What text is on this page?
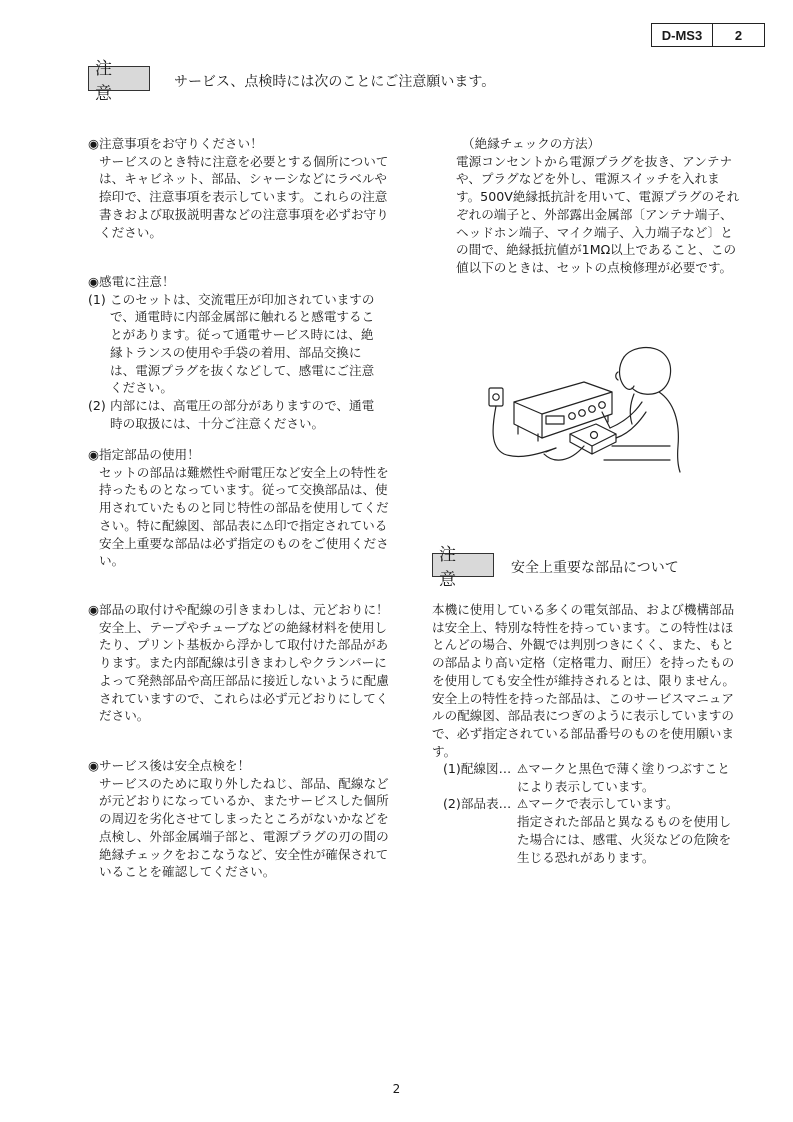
D-MS3	2
注 意
サービス、点検時には次のことにご注意願います。
◉注意事項をお守りください！

サービスのとき特に注意を必要とする個所について

は、キャビネット、部品、シャーシなどにラベルや

捺印で、注意事項を表示しています。これらの注意

書きおよび取扱説明書などの注意事項を必ずお守り

ください。

◉感電に注意！
(1) このセットは、交流電圧が印加されていますの

で、通電時に内部金属部に触れると感電するこ

とがあります。従って通電サービス時には、絶

縁トランスの使用や手袋の着用、部品交換に

は、電源プラグを抜くなどして、感電にご注意

ください。

(2) 内部には、高電圧の部分がありますので、通電

時の取扱には、十分ご注意ください。

◉指定部品の使用！

セットの部品は難燃性や耐電圧など安全上の特性を

持ったものとなっています。従って交換部品は、使

用されていたものと同じ特性の部品を使用してくだ

さい。特に配線図、部品表に⚠印で指定されている

安全上重要な部品は必ず指定のものをご使用くださ

い。

◉部品の取付けや配線の引きまわしは、元どおりに！

安全上、テープやチューブなどの絶縁材料を使用し

たり、プリント基板から浮かして取付けた部品があ

ります。また内部配線は引きまわしやクランパーに

よって発熱部品や高圧部品に接近しないように配慮

されていますので、これらは必ず元どおりにしてく

ださい。

◉サービス後は安全点検を！

サービスのために取り外したねじ、部品、配線など

が元どおりになっているか、またサービスした個所

の周辺を劣化させてしまったところがないかなどを

点検し、外部金属端子部と、電源プラグの刃の間の

絶縁チェックをおこなうなど、安全性が確保されて

いることを確認してください。

（絶縁チェックの方法）

電源コンセントから電源プラグを抜き、アンテナ

や、プラグなどを外し、電源スイッチを入れま

す。500V絶縁抵抗計を用いて、電源プラグのそれ

ぞれの端子と、外部露出金属部〔アンテナ端子、

ヘッドホン端子、マイク端子、入力端子など〕と

の間で、絶縁抵抗値が1MΩ以上であること、この

値以下のときは、セットの点検修理が必要です。

注 意
安全上重要な部品について

本機に使用している多くの電気部品、および機構部品

は安全上、特別な特性を持っています。この特性はほ

とんどの場合、外観では判別つきにくく、また、もと

の部品より高い定格（定格電力、耐圧）を持ったもの

を使用しても安全性が維持されるとは、限りません。

安全上の特性を持った部品は、このサービスマニュア

ルの配線図、部品表につぎのように表示していますの

で、必ず指定されている部品番号のものを使用願いま

す。

(1)配線図… ⚠マークと黒色で薄く塗りつぶすこと

により表示しています。

(2)部品表… ⚠マークで表示しています。

指定された部品と異なるものを使用し

た場合には、感電、火災などの危険を

生じる恐れがあります。

2
